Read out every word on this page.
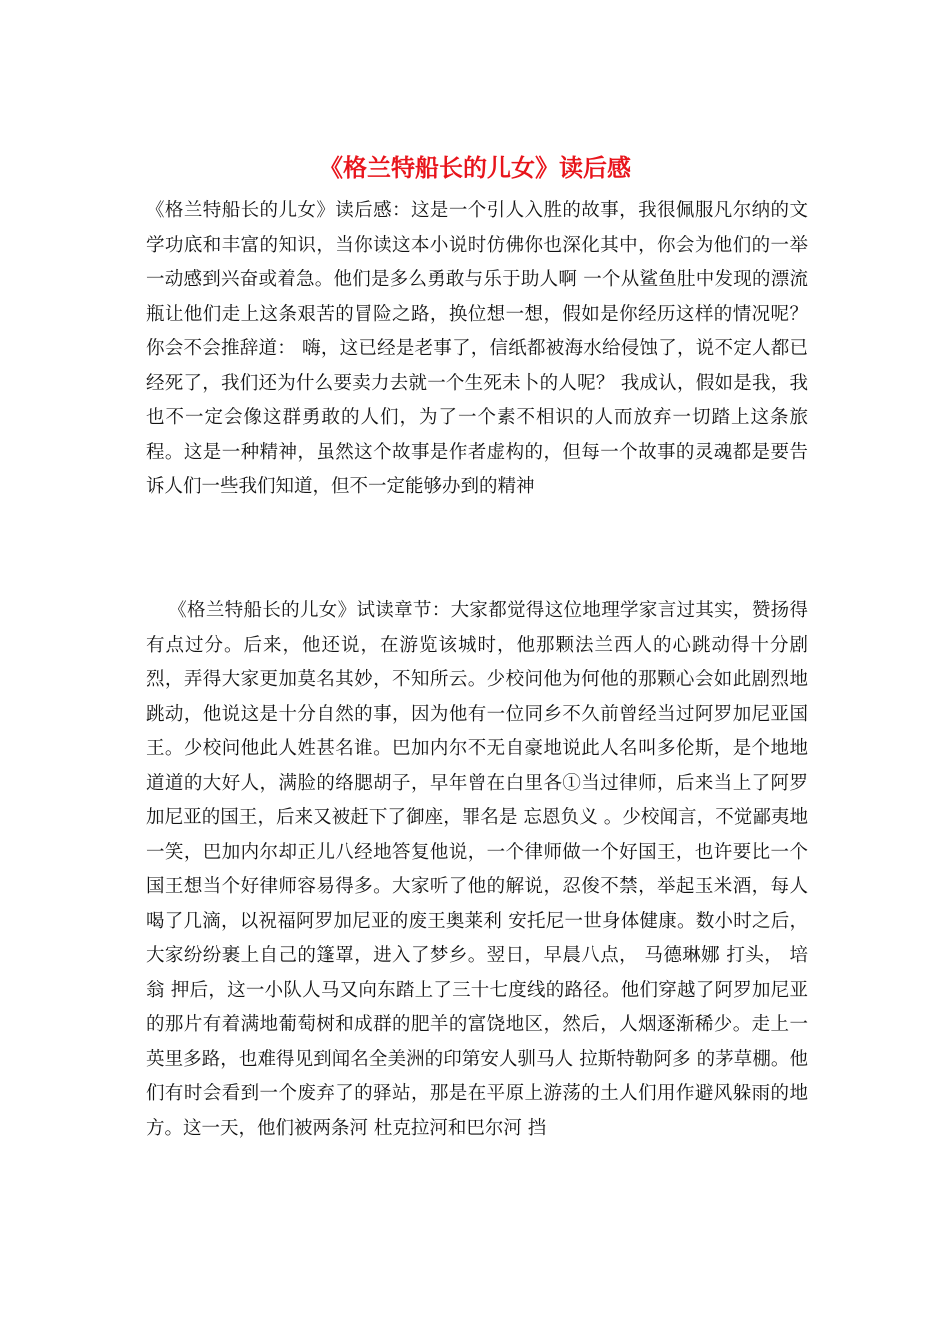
《格兰特船长的儿女》读后感

《格兰特船长的儿女》读后感：这是一个引人入胜的故事，我很佩服凡尔纳的文学功底和丰富的知识，当你读这本小说时仿佛你也深化其中，你会为他们的一举一动感到兴奋或着急。他们是多么勇敢与乐于助人啊 一个从鲨鱼肚中发现的漂流瓶让他们走上这条艰苦的冒险之路，换位想一想，假如是你经历这样的情况呢？你会不会推辞道： 嗨，这已经是老事了，信纸都被海水给侵蚀了，说不定人都已经死了，我们还为什么要卖力去就一个生死未卜的人呢？ 我成认，假如是我，我也不一定会像这群勇敢的人们，为了一个素不相识的人而放弃一切踏上这条旅程。这是一种精神，虽然这个故事是作者虚构的，但每一个故事的灵魂都是要告诉人们一些我们知道，但不一定能够办到的精神

《格兰特船长的儿女》试读章节：大家都觉得这位地理学家言过其实，赞扬得有点过分。后来，他还说，在游览该城时，他那颗法兰西人的心跳动得十分剧烈，弄得大家更加莫名其妙，不知所云。少校问他为何他的那颗心会如此剧烈地跳动，他说这是十分自然的事，因为他有一位同乡不久前曾经当过阿罗加尼亚国王。少校问他此人姓甚名谁。巴加内尔不无自豪地说此人名叫多伦斯，是个地地道道的大好人，满脸的络腮胡子，早年曾在白里各①当过律师，后来当上了阿罗加尼亚的国王，后来又被赶下了御座，罪名是 忘恩负义 。少校闻言，不觉鄙夷地一笑，巴加内尔却正儿八经地答复他说，一个律师做一个好国王，也许要比一个国王想当个好律师容易得多。大家听了他的解说，忍俊不禁，举起玉米酒，每人喝了几滴，以祝福阿罗加尼亚的废王奥莱利 安托尼一世身体健康。数小时之后，大家纷纷裹上自己的篷罩，进入了梦乡。翌日，早晨八点， 马德琳娜 打头， 培翁 押后，这一小队人马又向东踏上了三十七度线的路径。他们穿越了阿罗加尼亚的那片有着满地葡萄树和成群的肥羊的富饶地区，然后，人烟逐渐稀少。走上一英里多路，也难得见到闻名全美洲的印第安人驯马人 拉斯特勒阿多 的茅草棚。他们有时会看到一个废弃了的驿站，那是在平原上游荡的土人们用作避风躲雨的地方。这一天，他们被两条河 杜克拉河和巴尔河 挡
